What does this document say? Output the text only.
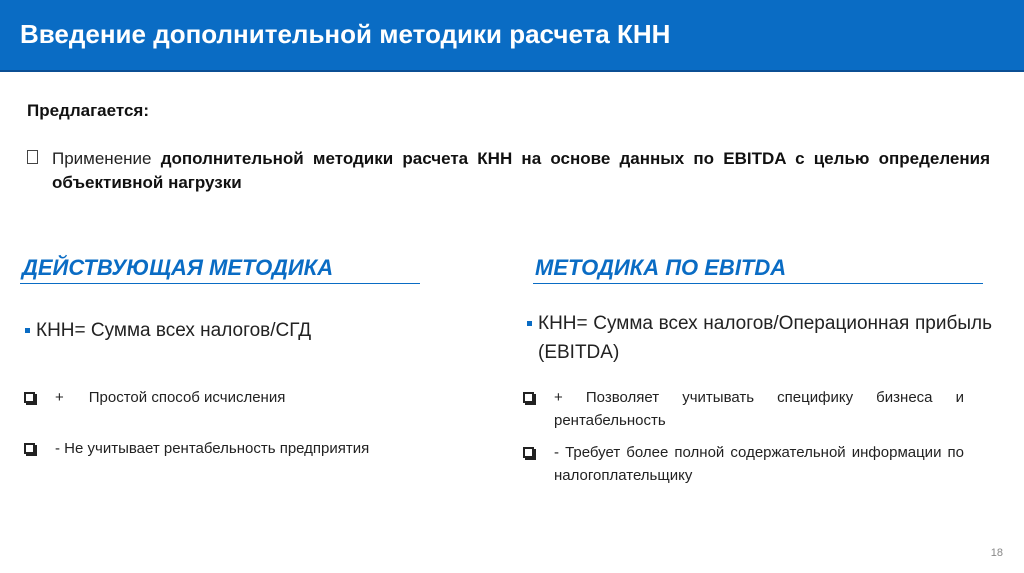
Введение дополнительной методики расчета КНН
Предлагается:
Применение дополнительной методики расчета КНН на основе данных по EBITDA с целью определения объективной нагрузки
ДЕЙСТВУЮЩАЯ МЕТОДИКА
КНН= Сумма всех налогов/СГД
+      Простой способ исчисления
- Не учитывает рентабельность предприятия
МЕТОДИКА ПО EBITDA
КНН= Сумма всех налогов/Операционная прибыль (EBITDA)
+ Позволяет учитывать специфику бизнеса и рентабельность
- Требует более полной содержательной информации по налогоплательщику
18
